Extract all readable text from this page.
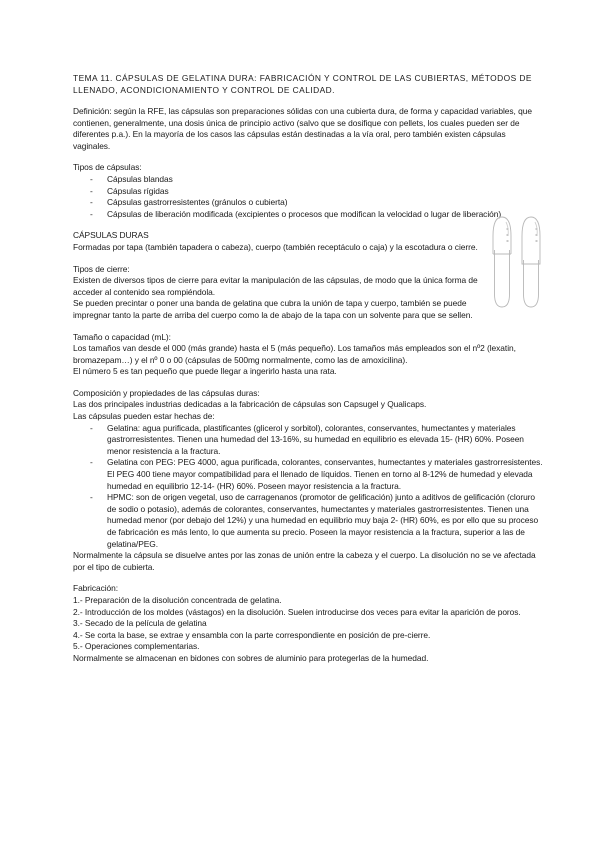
TEMA 11. CÁPSULAS DE GELATINA DURA: FABRICACIÓN Y CONTROL DE LAS CUBIERTAS, MÉTODOS DE LLENADO, ACONDICIONAMIENTO Y CONTROL DE CALIDAD.

Definición: según la RFE, las cápsulas son preparaciones sólidas con una cubierta dura, de forma y capacidad variables, que contienen, generalmente, una dosis única de principio activo (salvo que se dosifique con pellets, los cuales pueden ser de diferentes p.a.). En la mayoría de los casos las cápsulas están destinadas a la vía oral, pero también existen cápsulas vaginales.

Tipos de cápsulas:

- Cápsulas blandas
- Cápsulas rígidas
- Cápsulas gastrorresistentes (gránulos o cubierta)
- Cápsulas de liberación modificada (excipientes o procesos que modifican la velocidad o lugar de liberación)

CÁPSULAS DURAS

Formadas por tapa (también tapadera o cabeza), cuerpo (también receptáculo o caja) y la escotadura o cierre.

Tipos de cierre:

Existen de diversos tipos de cierre para evitar la manipulación de las cápsulas, de modo que la única forma de acceder al contenido sea rompiéndola.

Se pueden precintar o poner una banda de gelatina que cubra la unión de tapa y cuerpo, también se puede impregnar tanto la parte de arriba del cuerpo como la de abajo de la tapa con un solvente para que se sellen.

Tamaño o capacidad (mL):

Los tamaños van desde el 000 (más grande) hasta el 5 (más pequeño). Los tamaños más empleados son el nº2 (lexatin, bromazepam…) y el nº 0 o 00 (cápsulas de 500mg normalmente, como las de amoxicilina).

El número 5 es tan pequeño que puede llegar a ingerirlo hasta una rata.

Composición y propiedades de las cápsulas duras:

Las dos principales industrias dedicadas a la fabricación de cápsulas son Capsugel y Qualicaps.

Las cápsulas pueden estar hechas de:

- Gelatina: agua purificada, plastificantes (glicerol y sorbitol), colorantes, conservantes, humectantes y materiales gastrorresistentes. Tienen una humedad del 13-16%, su humedad en equilibrio es elevada 15- (HR) 60%. Poseen menor resistencia a la fractura.
- Gelatina con PEG: PEG 4000, agua purificada, colorantes, conservantes, humectantes y materiales gastrorresistentes. El PEG 400 tiene mayor compatibilidad para el llenado de líquidos. Tienen en torno al 8-12% de humedad y elevada humedad en equilibrio 12-14- (HR) 60%. Poseen mayor resistencia a la fractura.
- HPMC: son de origen vegetal, uso de carragenanos (promotor de gelificación) junto a aditivos de gelificación (cloruro de sodio o potasio), además de colorantes, conservantes, humectantes y materiales gastrorresistentes. Tienen una humedad menor (por debajo del 12%) y una humedad en equilibrio muy baja 2- (HR) 60%, es por ello que su proceso de fabricación es más lento, lo que aumenta su precio. Poseen la mayor resistencia a la fractura, superior a las de gelatina/PEG.

Normalmente la cápsula se disuelve antes por las zonas de unión entre la cabeza y el cuerpo. La disolución no se ve afectada por el tipo de cubierta.

Fabricación:

1.- Preparación de la disolución concentrada de gelatina.

2.- Introducción de los moldes (vástagos) en la disolución. Suelen introducirse dos veces para evitar la aparición de poros.

3.- Secado de la película de gelatina

4.- Se corta la base, se extrae y ensambla con la parte correspondiente en posición de pre-cierre.

5.- Operaciones complementarias.

Normalmente se almacenan en bidones con sobres de aluminio para protegerlas de la humedad.
